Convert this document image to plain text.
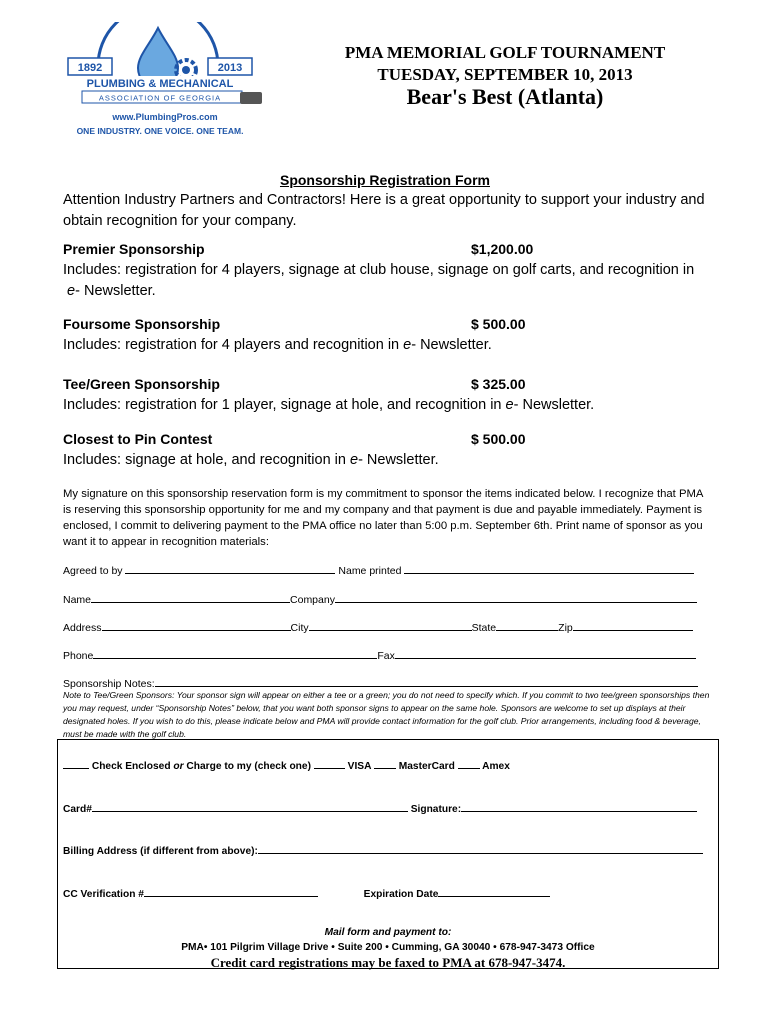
1892	2013
PLUMBING & MECHANICAL
ASSOCIATION OF GEORGIA
www.PlumbingPros.com
ONE INDUSTRY. ONE VOICE. ONE TEAM.
PMA MEMORIAL GOLF TOURNAMENT
TUESDAY, SEPTEMBER 10, 2013
Bear's Best (Atlanta)
Sponsorship Registration Form
Attention Industry Partners and Contractors! Here is a great opportunity to support your industry and obtain recognition for your company.
Premier Sponsorship	$1,200.00
Includes: registration for 4 players, signage at club house, signage on golf carts, and recognition in
e- Newsletter.
Foursome Sponsorship	$ 500.00
Includes: registration for 4 players and recognition in e- Newsletter.
Tee/Green Sponsorship	$ 325.00
Includes: registration for 1 player, signage at hole, and recognition in e- Newsletter.
Closest to Pin Contest	$ 500.00
Includes: signage at hole, and recognition in e- Newsletter.
My signature on this sponsorship reservation form is my commitment to sponsor the items indicated below. I recognize that PMA is reserving this sponsorship opportunity for me and my company and that payment is due and payable immediately. Payment is enclosed, I commit to delivering payment to the PMA office no later than 5:00 p.m. September 6th. Print name of sponsor as you want it to appear in recognition materials:
Agreed to by	Name printed
Name	Company
Address	City	State	Zip
Phone	Fax
Sponsorship Notes:
Note to Tee/Green Sponsors: Your sponsor sign will appear on either a tee or a green; you do not need to specify which. If you commit to two tee/green sponsorships then you may request, under “Sponsorship Notes” below, that you want both sponsor signs to appear on the same hole. Sponsors are welcome to set up displays at their designated holes. If you wish to do this, please indicate below and PMA will provide contact information for the golf club. Prior arrangements, including food & beverage, must be made with the golf club.
Check Enclosed or Charge to my (check one)	VISA	MasterCard	Amex
Card#	Signature:
Billing Address (if different from above):
CC Verification #	Expiration Date
Mail form and payment to:
PMA• 101 Pilgrim Village Drive • Suite 200 • Cumming, GA 30040 • 678-947-3473 Office
Credit card registrations may be faxed to PMA at 678-947-3474.
